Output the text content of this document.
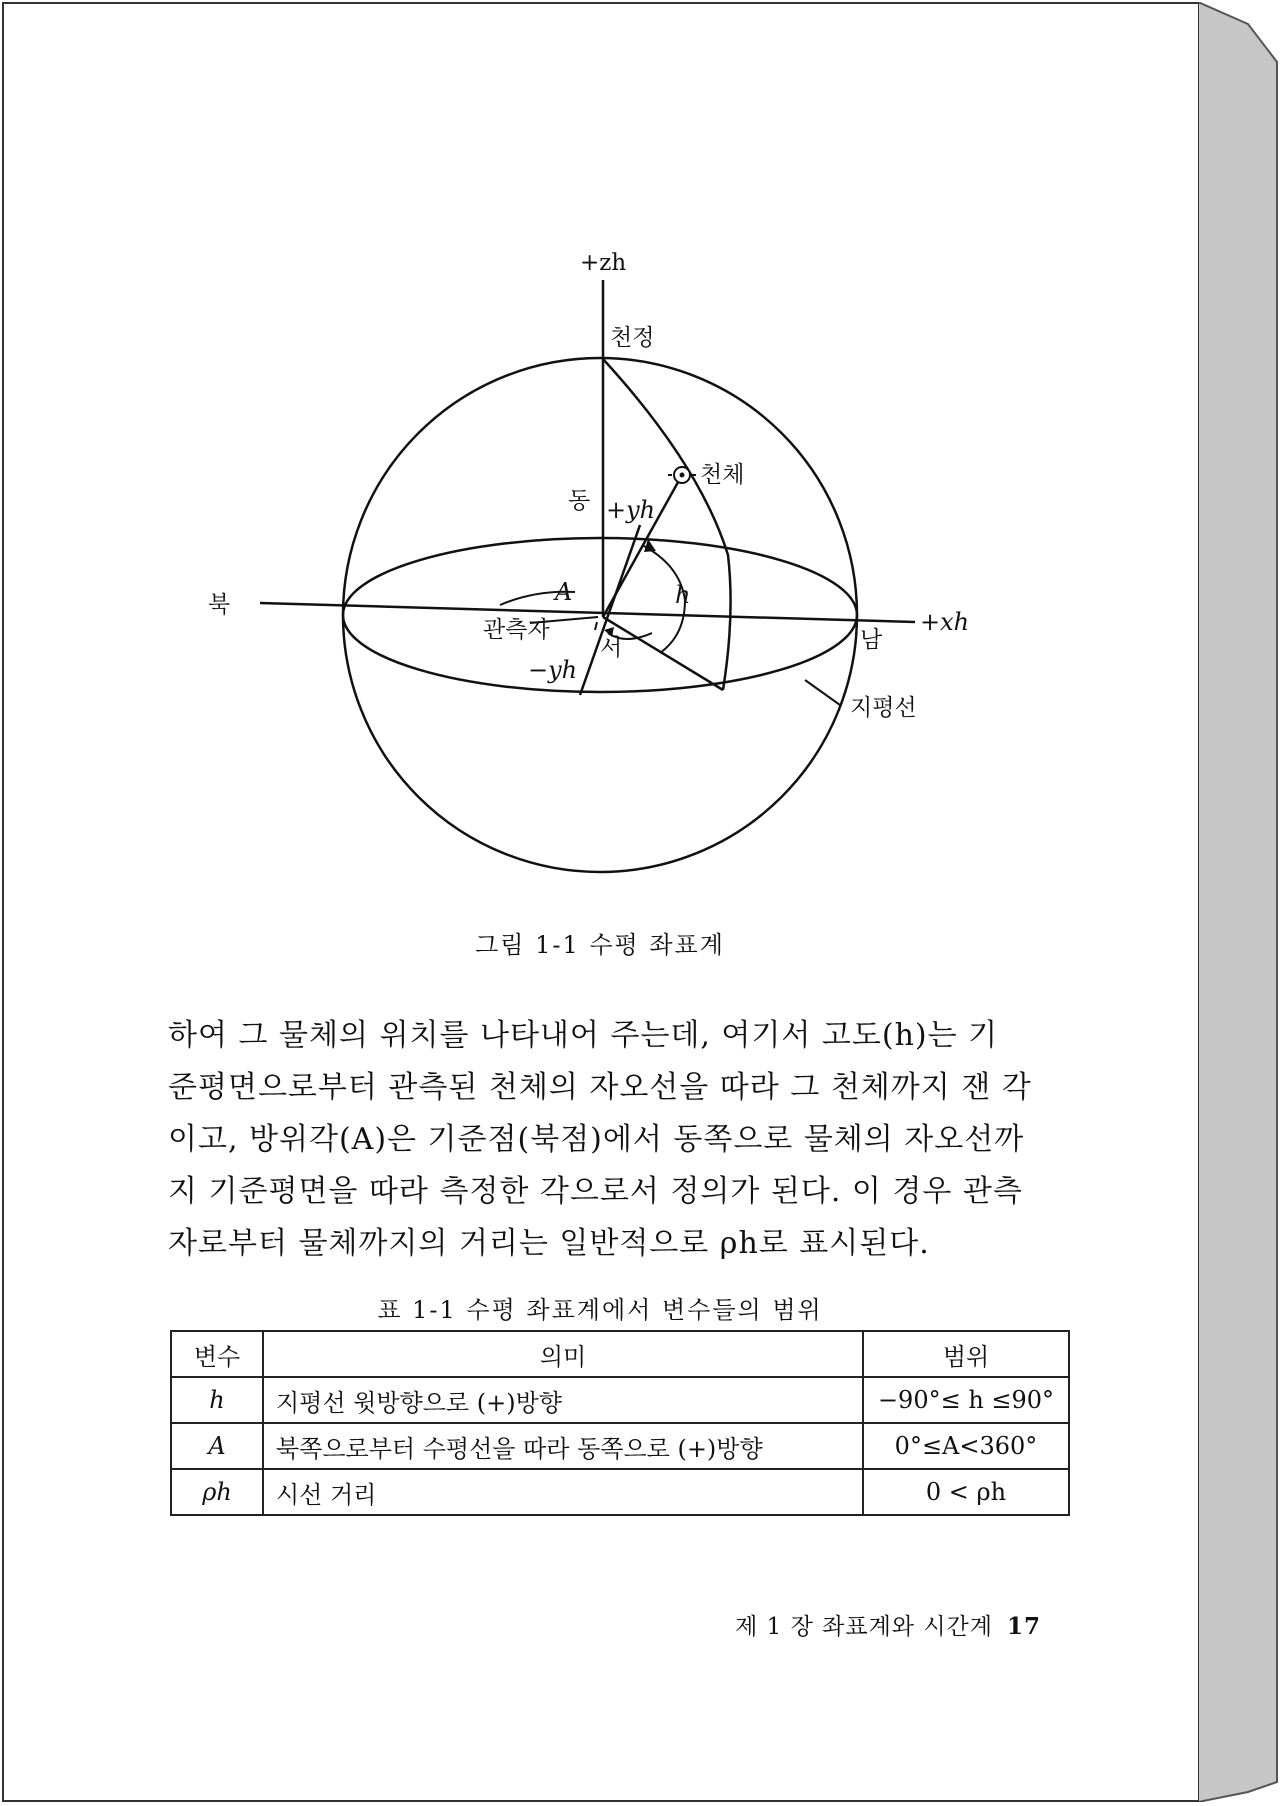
+zh
천정
천체
동 +yh
북	A	h
+xh
관측자
서	남
−yh
지평선
그림 1-1 수평 좌표계

하여 그 물체의 위치를 나타내어 주는데, 여기서 고도(h)는 기

준평면으로부터 관측된 천체의 자오선을 따라 그 천체까지 잰 각

이고, 방위각(A)은 기준점(북점)에서 동쪽으로 물체의 자오선까

지 기준평면을 따라 측정한 각으로서 정의가 된다. 이 경우 관측

자로부터 물체까지의 거리는 일반적으로 ρh로 표시된다.

표 1-1 수평 좌표계에서 변수들의 범위
변수	의미	범위
h	지평선 윗방향으로 (+)방향	−90°≤ h ≤90°
A	북쪽으로부터 수평선을 따라 동쪽으로 (+)방향	0°≤A<360°
ρh	시선 거리	0 < ρh
제 1 장 좌표계와 시간계 17
